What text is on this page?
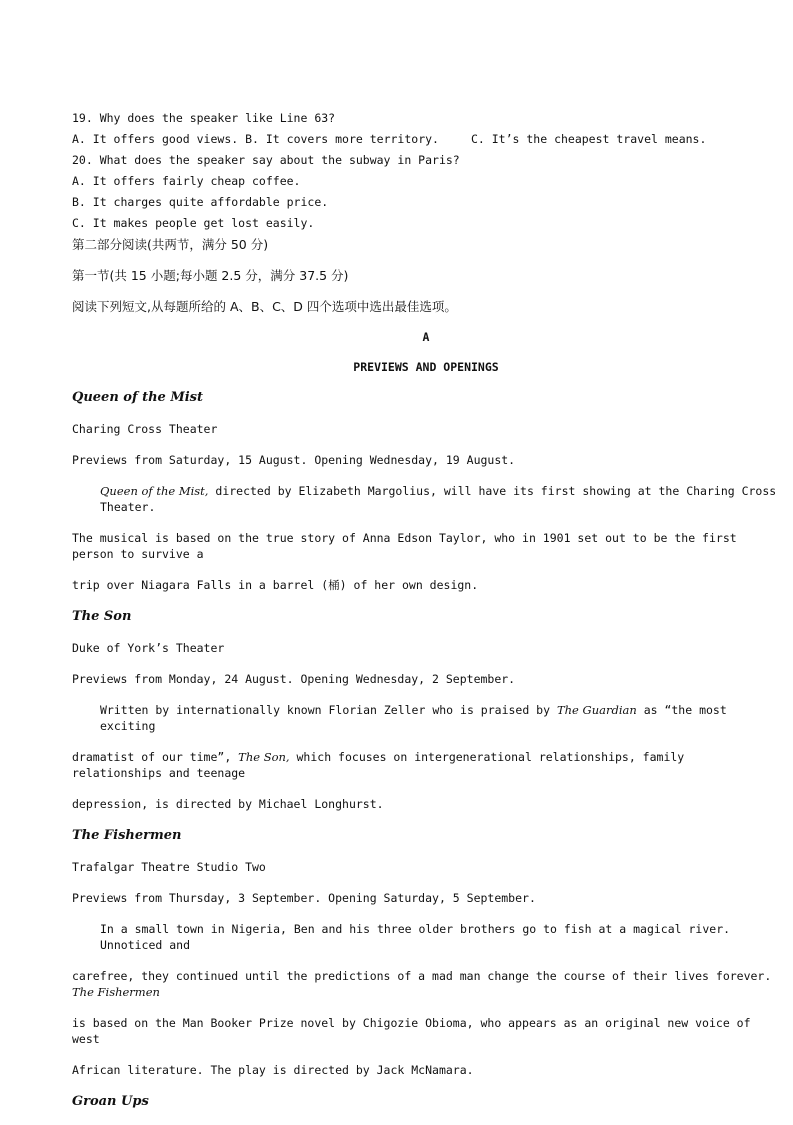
19. Why does the speaker like Line 63?
A. It offers good views. B. It covers more territory.	C. It’s the cheapest travel means.
20. What does the speaker say about the subway in Paris?
A. It offers fairly cheap coffee.
B. It charges quite affordable price.
C. It makes people get lost easily.
第二部分阅读(共两节，满分 50 分)
第一节(共 15 小题;每小题 2.5 分，满分 37.5 分)
阅读下列短文,从每题所给的 A、B、C、D 四个选项中选出最佳选项。
A
PREVIEWS AND OPENINGS
Queen of the Mist
Charing Cross Theater
Previews from Saturday, 15 August. Opening Wednesday, 19 August.
Queen of the Mist, directed by Elizabeth Margolius, will have its first showing at the Charing Cross Theater.
The musical is based on the true story of Anna Edson Taylor, who in 1901 set out to be the first person to survive a
trip over Niagara Falls in a barrel (桶) of her own design.
The Son
Duke of York’s Theater
Previews from Monday, 24 August. Opening Wednesday, 2 September.
Written by internationally known Florian Zeller who is praised by The Guardian as “the most exciting
dramatist of our time”, The Son, which focuses on intergenerational relationships, family relationships and teenage
depression, is directed by Michael Longhurst.
The Fishermen
Trafalgar Theatre Studio Two
Previews from Thursday, 3 September. Opening Saturday, 5 September.
In a small town in Nigeria, Ben and his three older brothers go to fish at a magical river. Unnoticed and
carefree, they continued until the predictions of a mad man change the course of their lives forever. The Fishermen
is based on the Man Booker Prize novel by Chigozie Obioma, who appears as an original new voice of west
African literature. The play is directed by Jack McNamara.
Groan Ups
